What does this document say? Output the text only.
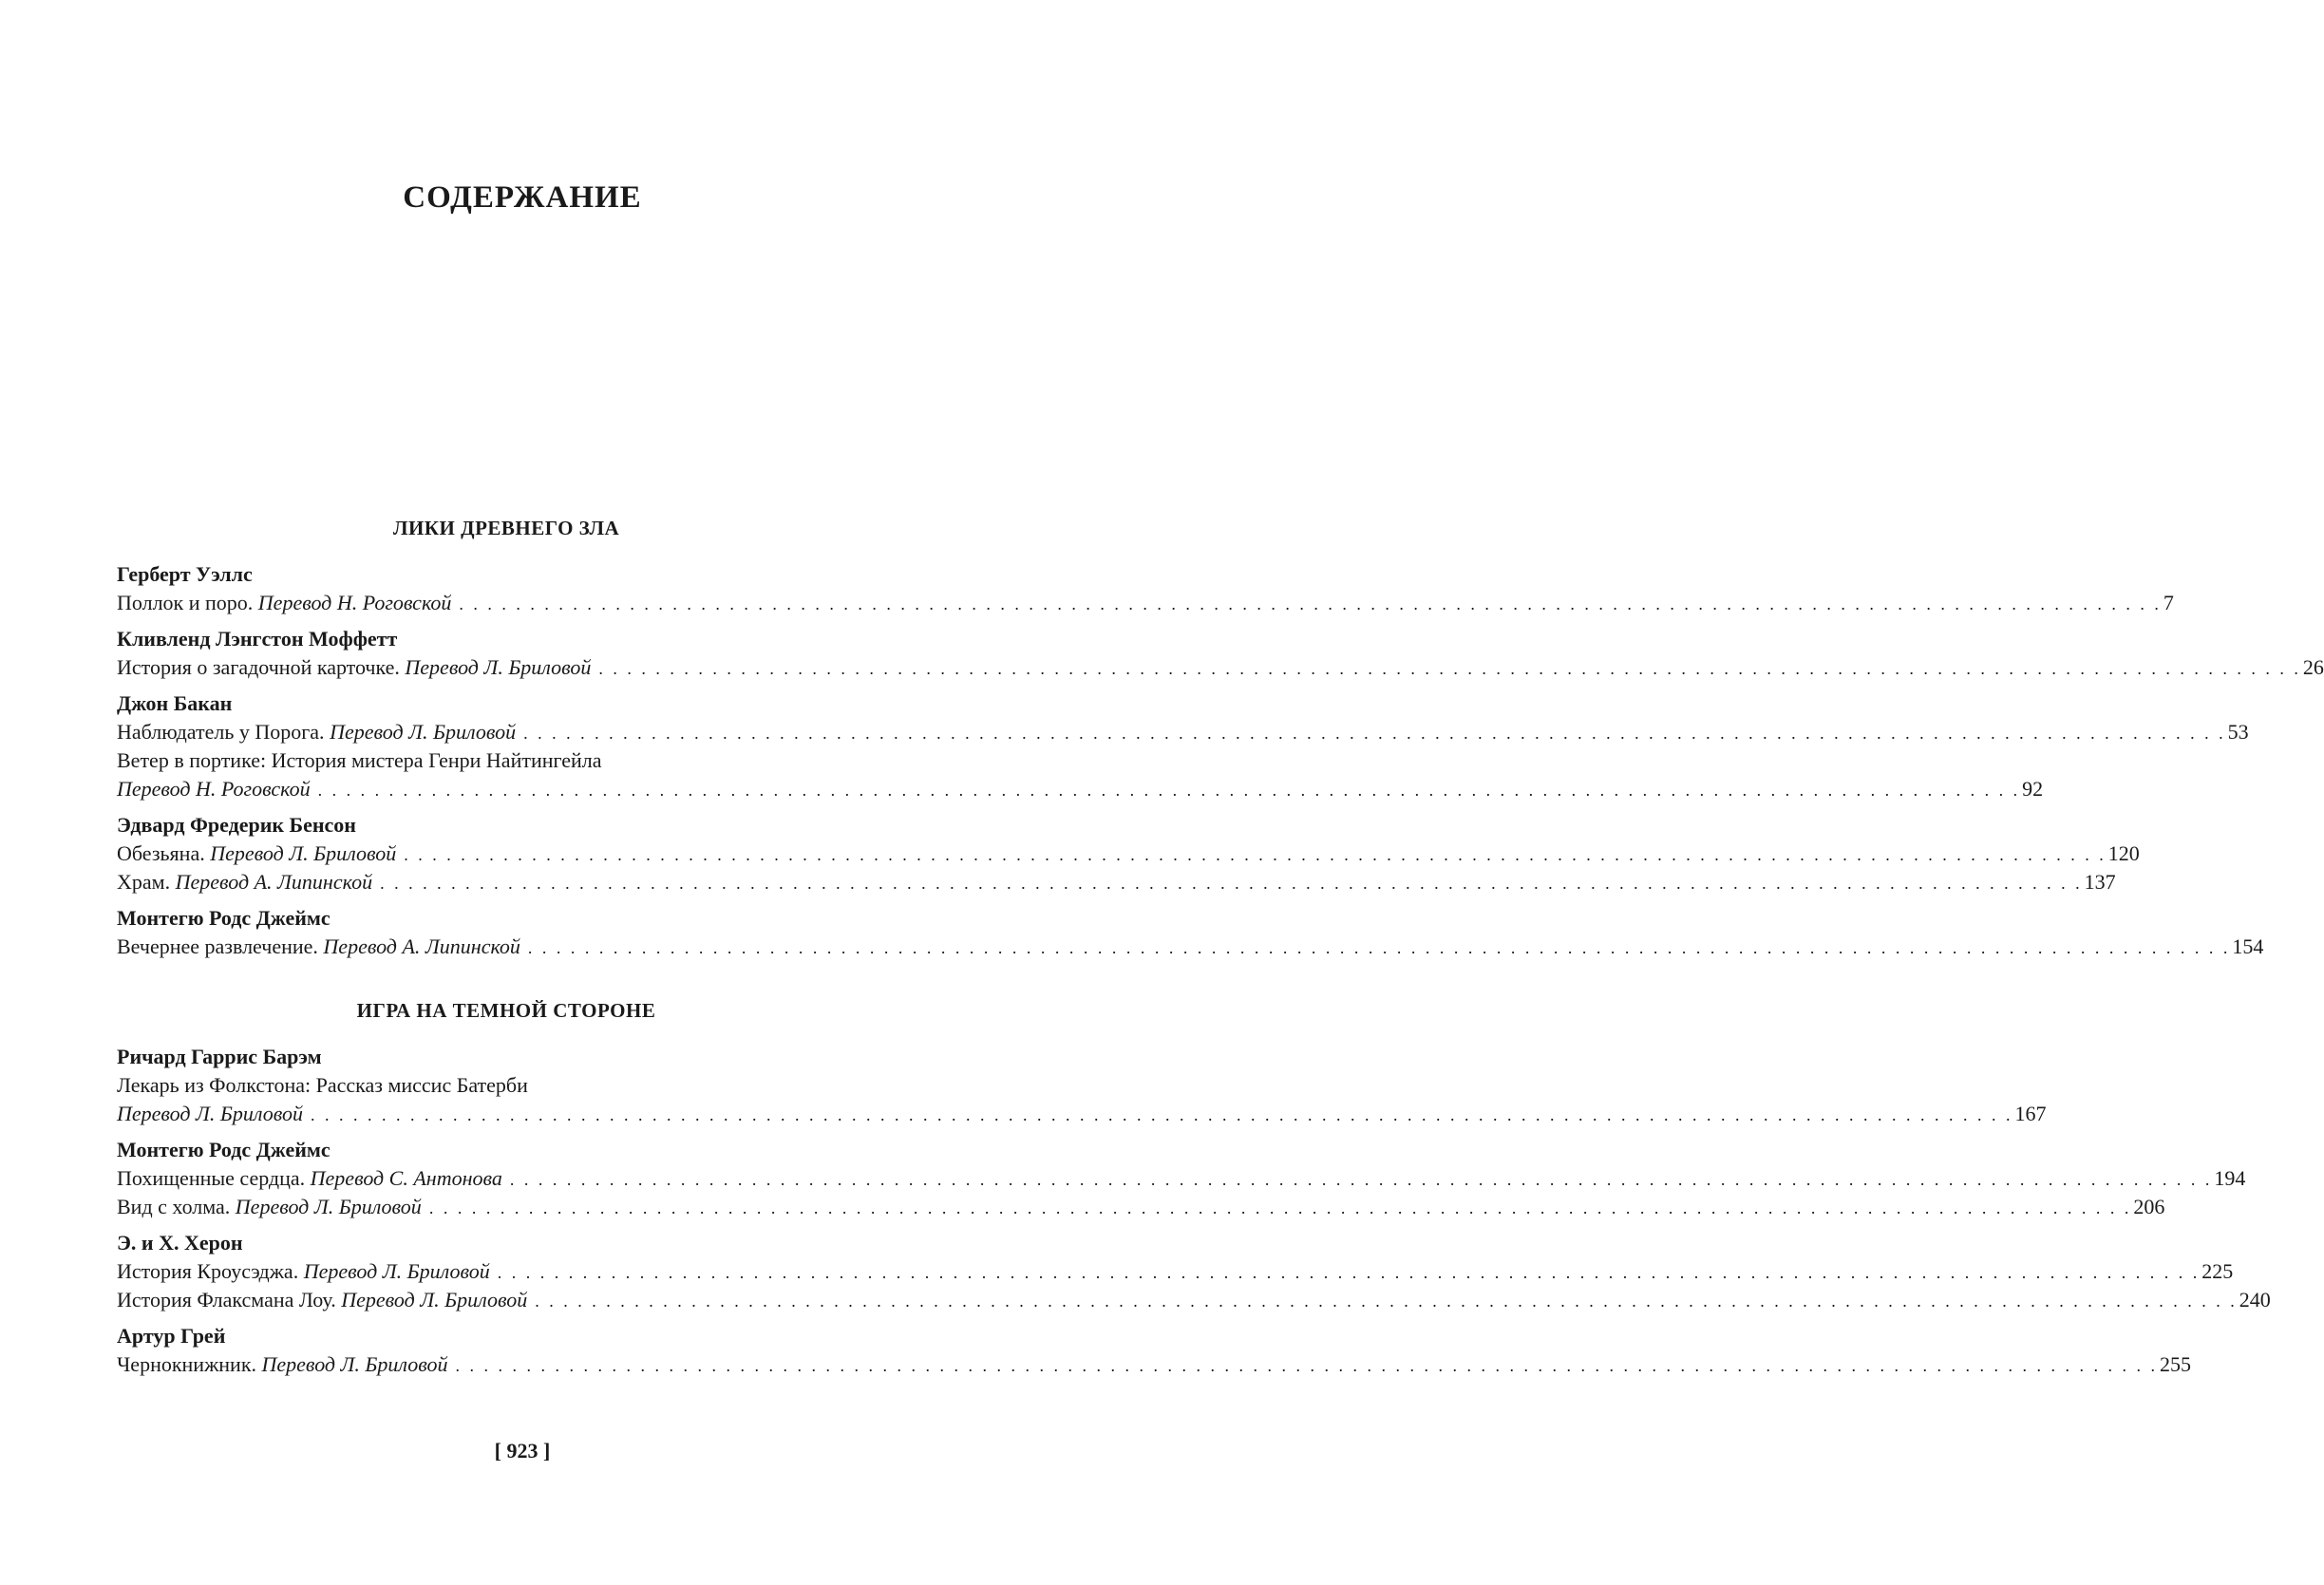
СОДЕРЖАНИЕ
ЛИКИ ДРЕВНЕГО ЗЛА
Герберт Уэллс
Поллок и поро. Перевод Н. Роговской . . . . . . . . . . . . . . . . . . . . . . . . . . . . . . . . . . . . . . . . . . . . . . . . . . . . . . . . . . . . . . . . . . . . . . . . . . . . . . . . . . . . . . . . . . . . . . . . . . . . . . . . . . . . . . . . . . . . . . . . 7
Кливленд Лэнгстон Моффетт
История о загадочной карточке. Перевод Л. Бриловой . . . . . . . . . . . . . . . . . . . . . . . . . . . . . . . . . . . . . . . . . . . . . . . . . . . . . . . . . . . . . . . . . . . . . . . . . . . . . . . . . . . . . . . . . . . . . . . . . . . . . . . . . . . . . . . . . . . . . . . . 26
Джон Бакан
Наблюдатель у Порога. Перевод Л. Бриловой . . . . . . . . . . . . . . . . . . . . . . . . . . . . . . . . . . . . . . . . . . . . . . . . . . . . . . . . . . . . . . . . . . . . . . . . . . . . . . . . . . . . . . . . . . . . . . . . . . . . . . . . . . . . . . . . . . . . . . . . 53
Ветер в портике: История мистера Генри Найтингейла
Перевод Н. Роговской . . . . . . . . . . . . . . . . . . . . . . . . . . . . . . . . . . . . . . . . . . . . . . . . . . . . . . . . . . . . . . . . . . . . . . . . . . . . . . . . . . . . . . . . . . . . . . . . . . . . . . . . . . . . . . . . . . . . . . . . 92
Эдвард Фредерик Бенсон
Обезьяна. Перевод Л. Бриловой . . . . . . . . . . . . . . . . . . . . . . . . . . . . . . . . . . . . . . . . . . . . . . . . . . . . . . . . . . . . . . . . . . . . . . . . . . . . . . . . . . . . . . . . . . . . . . . . . . . . . . . . . . . . . . . . . . . . . . . . 120
Храм. Перевод А. Липинской . . . . . . . . . . . . . . . . . . . . . . . . . . . . . . . . . . . . . . . . . . . . . . . . . . . . . . . . . . . . . . . . . . . . . . . . . . . . . . . . . . . . . . . . . . . . . . . . . . . . . . . . . . . . . . . . . . . . . . . . 137
Монтегю Родс Джеймс
Вечернее развлечение. Перевод А. Липинской . . . . . . . . . . . . . . . . . . . . . . . . . . . . . . . . . . . . . . . . . . . . . . . . . . . . . . . . . . . . . . . . . . . . . . . . . . . . . . . . . . . . . . . . . . . . . . . . . . . . . . . . . . . . . . . . . . . . . . . . 154
ИГРА НА ТЕМНОЙ СТОРОНЕ
Ричард Гаррис Барэм
Лекарь из Фолкстона: Рассказ миссис Батерби
Перевод Л. Бриловой . . . . . . . . . . . . . . . . . . . . . . . . . . . . . . . . . . . . . . . . . . . . . . . . . . . . . . . . . . . . . . . . . . . . . . . . . . . . . . . . . . . . . . . . . . . . . . . . . . . . . . . . . . . . . . . . . . . . . . . . 167
Монтегю Родс Джеймс
Похищенные сердца. Перевод С. Антонова . . . . . . . . . . . . . . . . . . . . . . . . . . . . . . . . . . . . . . . . . . . . . . . . . . . . . . . . . . . . . . . . . . . . . . . . . . . . . . . . . . . . . . . . . . . . . . . . . . . . . . . . . . . . . . . . . . . . . . . . 194
Вид с холма. Перевод Л. Бриловой . . . . . . . . . . . . . . . . . . . . . . . . . . . . . . . . . . . . . . . . . . . . . . . . . . . . . . . . . . . . . . . . . . . . . . . . . . . . . . . . . . . . . . . . . . . . . . . . . . . . . . . . . . . . . . . . . . . . . . . . 206
Э. и Х. Херон
История Кроусэджа. Перевод Л. Бриловой . . . . . . . . . . . . . . . . . . . . . . . . . . . . . . . . . . . . . . . . . . . . . . . . . . . . . . . . . . . . . . . . . . . . . . . . . . . . . . . . . . . . . . . . . . . . . . . . . . . . . . . . . . . . . . . . . . . . . . . . 225
История Флаксмана Лоу. Перевод Л. Бриловой . . . . . . . . . . . . . . . . . . . . . . . . . . . . . . . . . . . . . . . . . . . . . . . . . . . . . . . . . . . . . . . . . . . . . . . . . . . . . . . . . . . . . . . . . . . . . . . . . . . . . . . . . . . . . . . . . . . . . . . . 240
Артур Грей
Чернокнижник. Перевод Л. Бриловой . . . . . . . . . . . . . . . . . . . . . . . . . . . . . . . . . . . . . . . . . . . . . . . . . . . . . . . . . . . . . . . . . . . . . . . . . . . . . . . . . . . . . . . . . . . . . . . . . . . . . . . . . . . . . . . . . . . . . . . . 255
[ 923 ]
